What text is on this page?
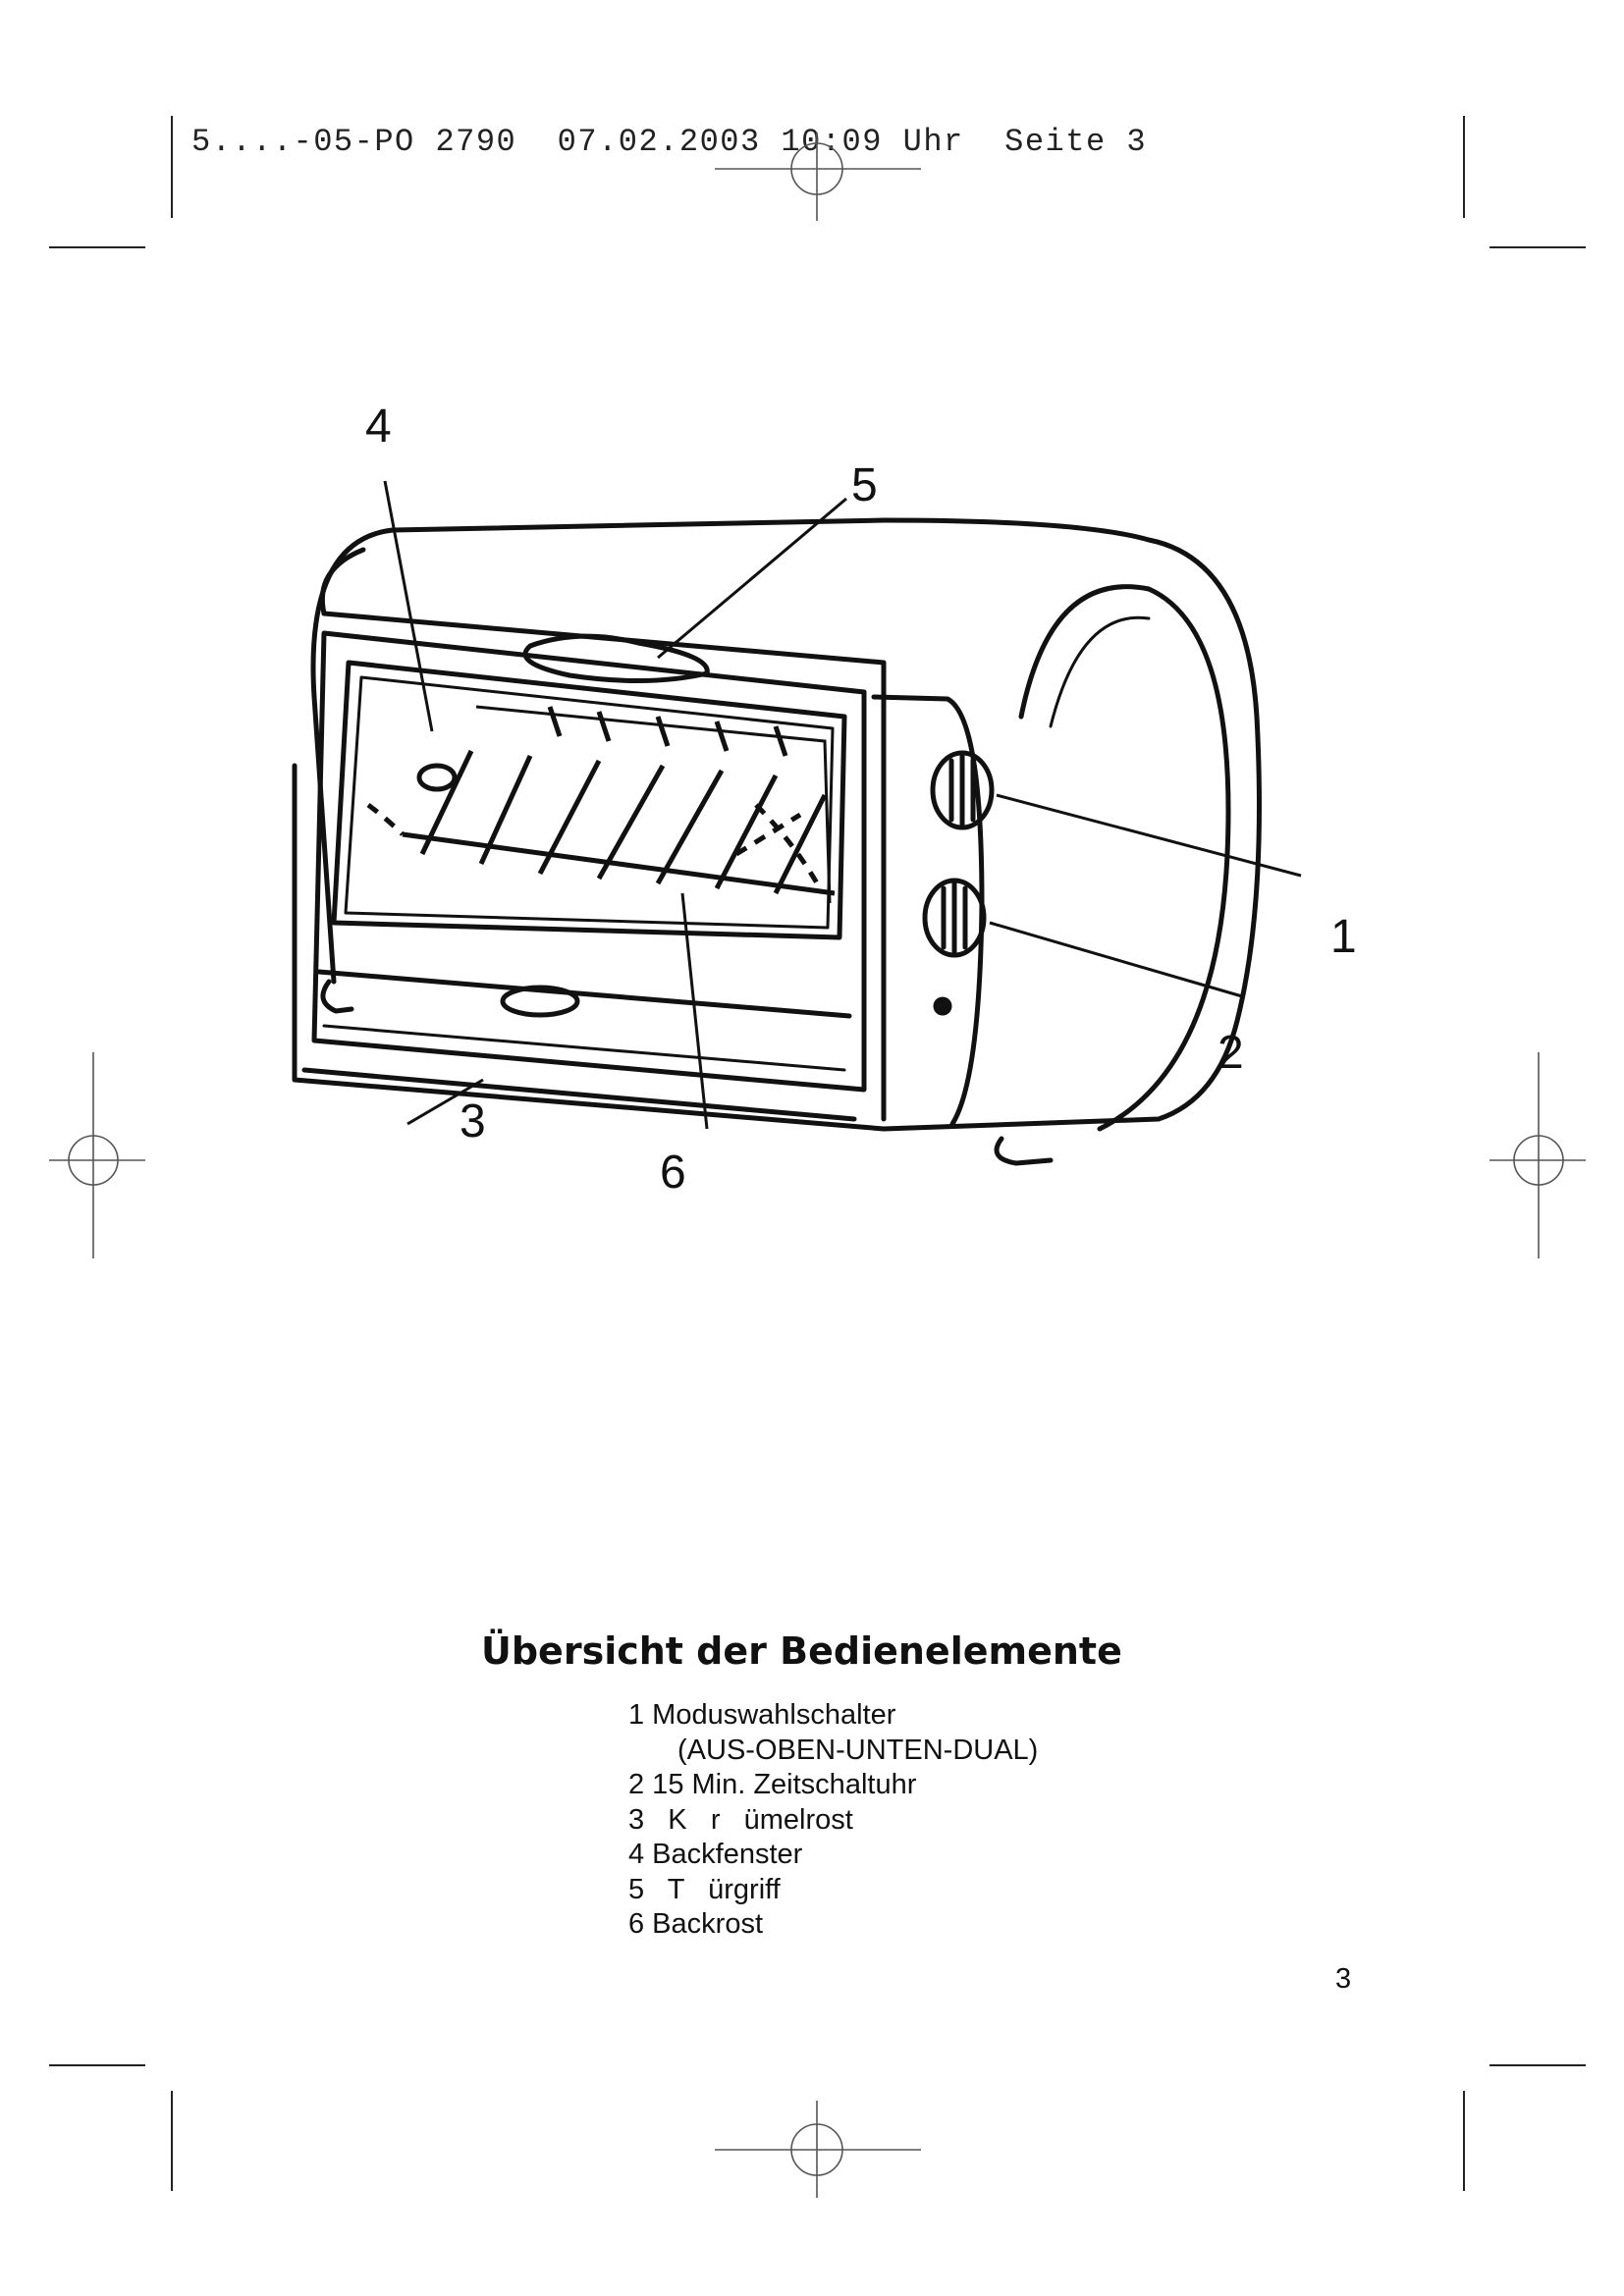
5....-05-PO 2790  07.02.2003 10:09 Uhr  Seite 3
4
5
1
2
3
6
Übersicht der Bedienelemente
1 Moduswahlschalter
(AUS-OBEN-UNTEN-DUAL)
2 15 Min. Zeitschaltuhr
3   K   r   ümelrost
4 Backfenster
5   T   ürgriff
6 Backrost
3
